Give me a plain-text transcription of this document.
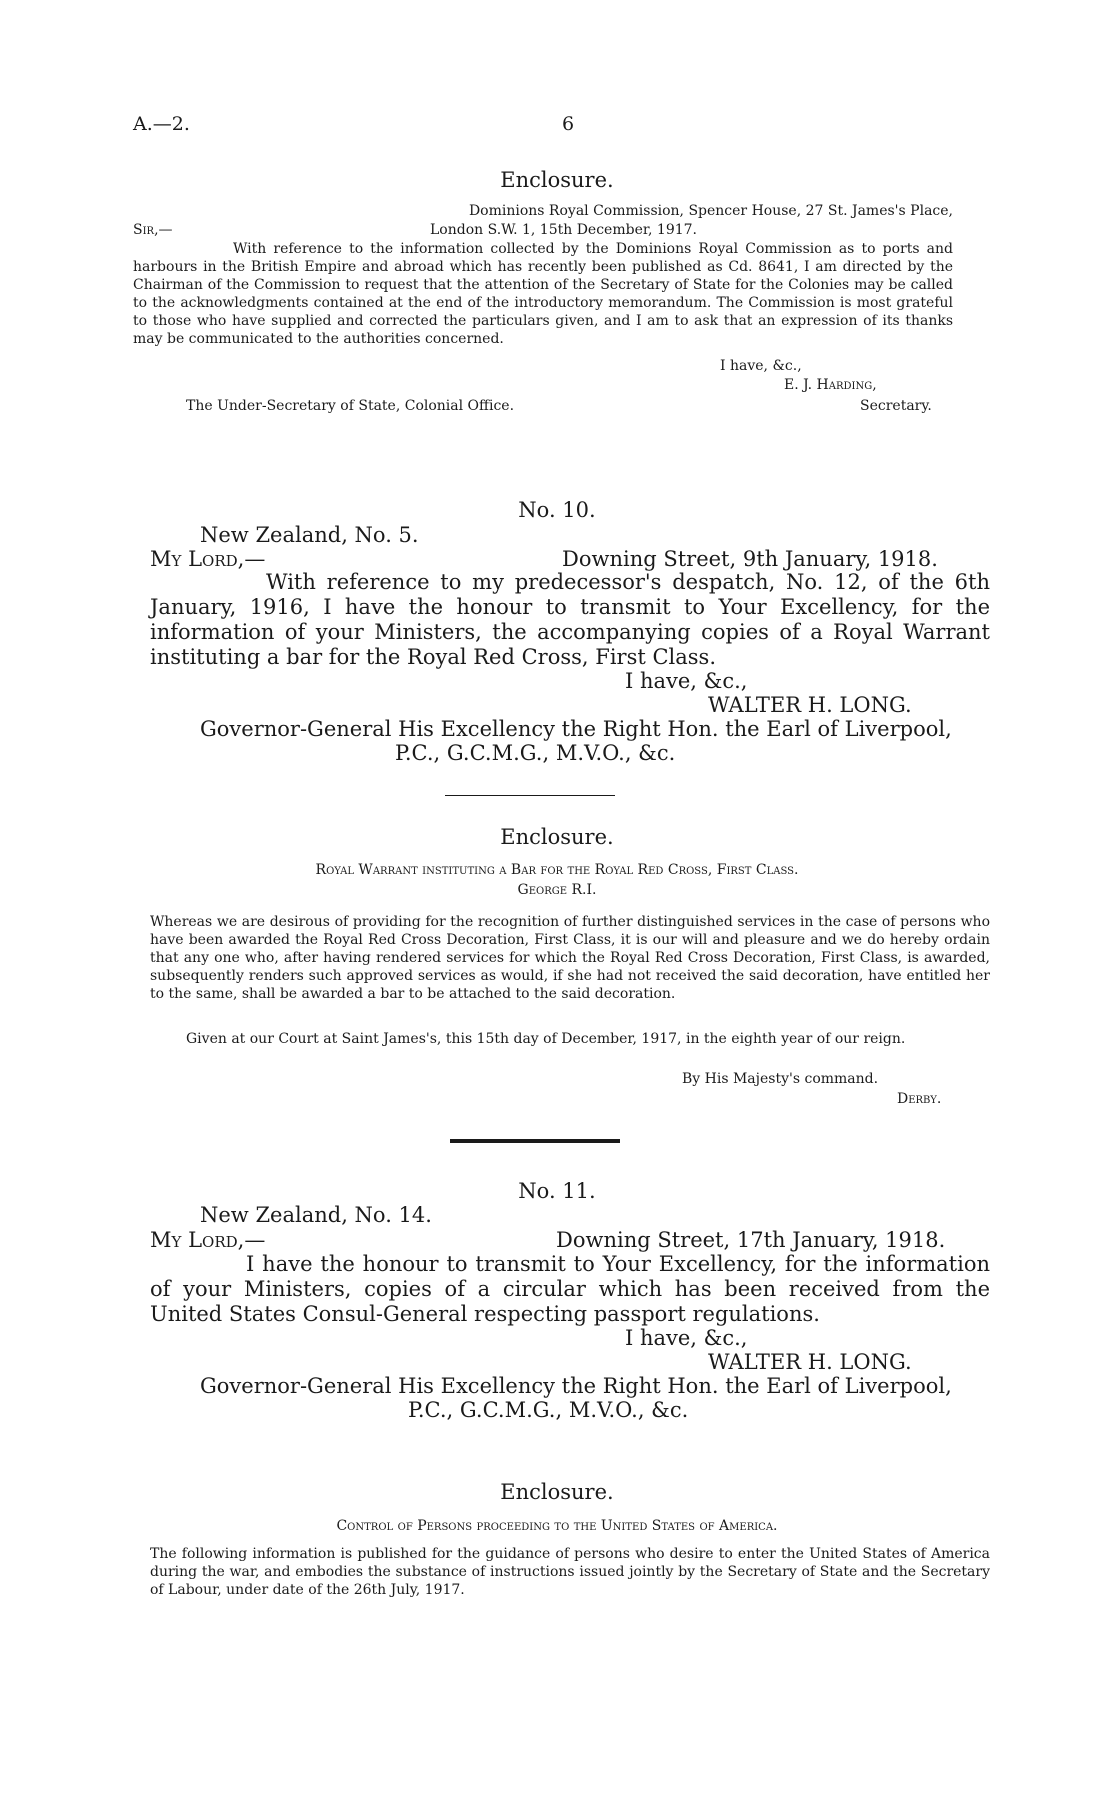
A.—2.	6
Enclosure.
Dominions Royal Commission, Spencer House, 27 St. James's Place,
Sir,—	London S.W. 1, 15th December, 1917.

With reference to the information collected by the Dominions Royal Commission as to ports and harbours in the British Empire and abroad which has recently been published as Cd. 8641, I am directed by the Chairman of the Commission to request that the attention of the Secretary of State for the Colonies may be called to the acknowledgments contained at the end of the introductory memorandum. The Commission is most grateful to those who have supplied and corrected the particulars given, and I am to ask that an expression of its thanks may be communicated to the authorities concerned.

I have, &c.,
E. J. Harding,
The Under-Secretary of State, Colonial Office.	Secretary.
No. 10.
New Zealand, No. 5.
My Lord,—	Downing Street, 9th January, 1918.

With reference to my predecessor's despatch, No. 12, of the 6th January, 1916, I have the honour to transmit to Your Excellency, for the information of your Ministers, the accompanying copies of a Royal Warrant instituting a bar for the Royal Red Cross, First Class.

I have, &c.,
WALTER H. LONG.
Governor-General His Excellency the Right Hon. the Earl of Liverpool,
P.C., G.C.M.G., M.V.O., &c.
Enclosure.
Royal Warrant instituting a Bar for the Royal Red Cross, First Class.
George R.I.

Whereas we are desirous of providing for the recognition of further distinguished services in the case of persons who have been awarded the Royal Red Cross Decoration, First Class, it is our will and pleasure and we do hereby ordain that any one who, after having rendered services for which the Royal Red Cross Decoration, First Class, is awarded, subsequently renders such approved services as would, if she had not received the said decoration, have entitled her to the same, shall be awarded a bar to be attached to the said decoration.

Given at our Court at Saint James's, this 15th day of December, 1917, in the eighth year of our reign.

By His Majesty's command.
Derby.
No. 11.
New Zealand, No. 14.
My Lord,—	Downing Street, 17th January, 1918.

I have the honour to transmit to Your Excellency, for the information of your Ministers, copies of a circular which has been received from the United States Consul-General respecting passport regulations.

I have, &c.,
WALTER H. LONG.
Governor-General His Excellency the Right Hon. the Earl of Liverpool,
P.C., G.C.M.G., M.V.O., &c.
Enclosure.
Control of Persons proceeding to the United States of America.

The following information is published for the guidance of persons who desire to enter the United States of America during the war, and embodies the substance of instructions issued jointly by the Secretary of State and the Secretary of Labour, under date of the 26th July, 1917.
